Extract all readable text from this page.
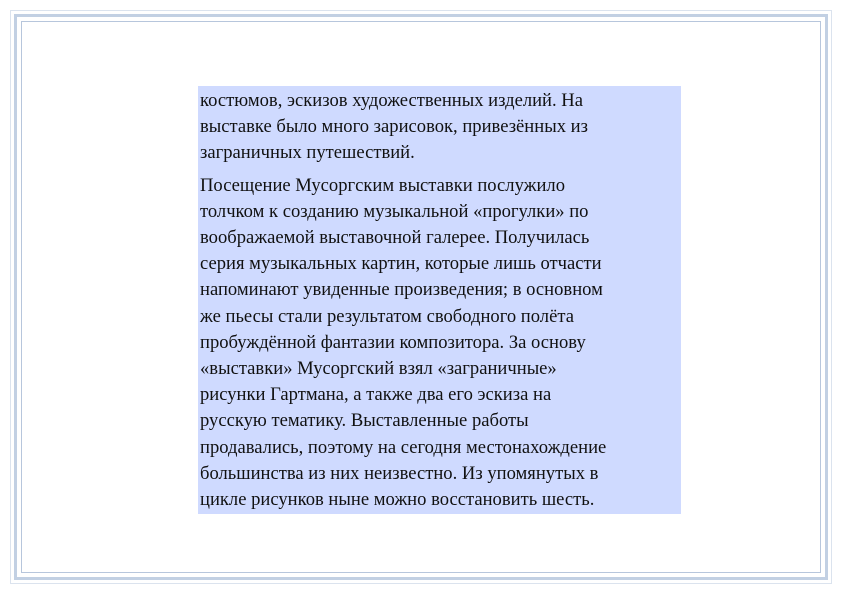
костюмов, эскизов художественных изделий. На
выставке было много зарисовок, привезённых из
заграничных путешествий.

Посещение Мусоргским выставки послужило
толчком к созданию музыкальной «прогулки» по
воображаемой выставочной галерее. Получилась
серия музыкальных картин, которые лишь отчасти
напоминают увиденные произведения; в основном
же пьесы стали результатом свободного полёта
пробуждённой фантазии композитора. За основу
«выставки» Мусоргский взял «заграничные»
рисунки Гартмана, а также два его эскиза на
русскую тематику. Выставленные работы
продавались, поэтому на сегодня местонахождение
большинства из них неизвестно. Из упомянутых в
цикле рисунков ныне можно восстановить шесть.
